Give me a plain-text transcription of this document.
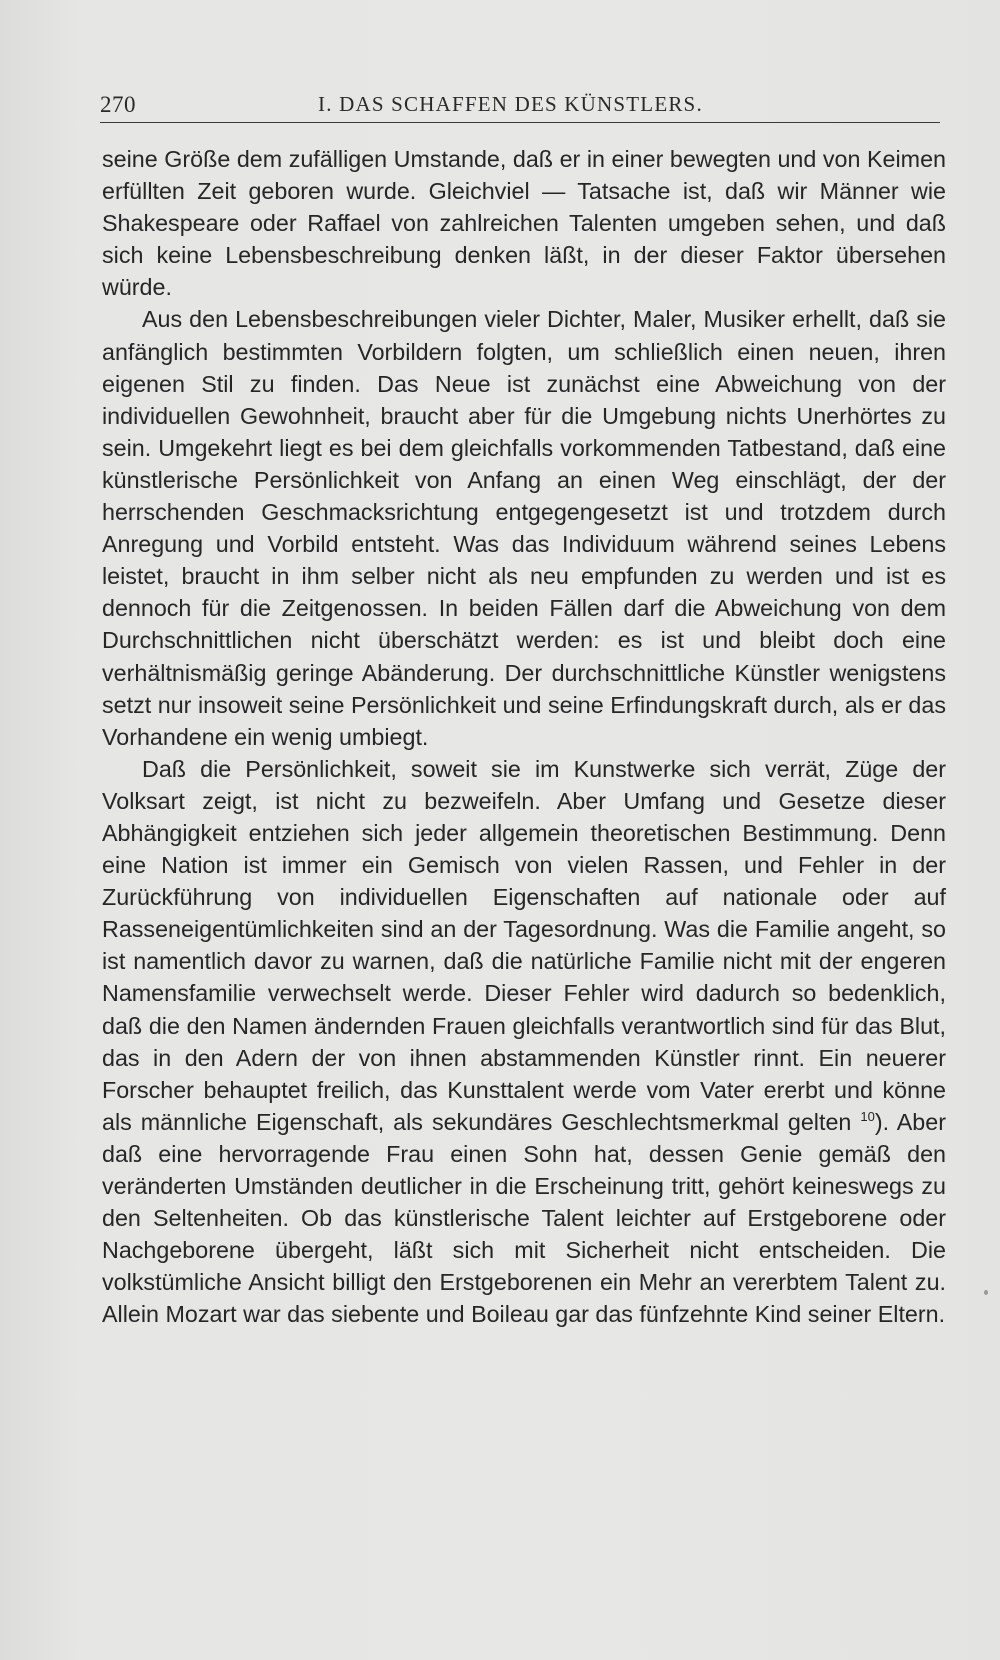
270	I. DAS SCHAFFEN DES KÜNSTLERS.

seine Größe dem zufälligen Umstande, daß er in einer bewegten und von Keimen erfüllten Zeit geboren wurde. Gleichviel — Tatsache ist, daß wir Männer wie Shakespeare oder Raffael von zahlreichen Talenten umgeben sehen, und daß sich keine Lebensbeschreibung denken läßt, in der dieser Faktor übersehen würde.

Aus den Lebensbeschreibungen vieler Dichter, Maler, Musiker erhellt, daß sie anfänglich bestimmten Vorbildern folgten, um schließlich einen neuen, ihren eigenen Stil zu finden. Das Neue ist zunächst eine Abweichung von der individuellen Gewohnheit, braucht aber für die Umgebung nichts Unerhörtes zu sein. Umgekehrt liegt es bei dem gleichfalls vorkommenden Tatbestand, daß eine künstlerische Persönlichkeit von Anfang an einen Weg einschlägt, der der herrschenden Geschmacksrichtung entgegengesetzt ist und trotzdem durch Anregung und Vorbild entsteht. Was das Individuum während seines Lebens leistet, braucht in ihm selber nicht als neu empfunden zu werden und ist es dennoch für die Zeitgenossen. In beiden Fällen darf die Abweichung von dem Durchschnittlichen nicht überschätzt werden: es ist und bleibt doch eine verhältnismäßig geringe Abänderung. Der durchschnittliche Künstler wenigstens setzt nur insoweit seine Persönlichkeit und seine Erfindungskraft durch, als er das Vorhandene ein wenig umbiegt.

Daß die Persönlichkeit, soweit sie im Kunstwerke sich verrät, Züge der Volksart zeigt, ist nicht zu bezweifeln. Aber Umfang und Gesetze dieser Abhängigkeit entziehen sich jeder allgemein theoretischen Bestimmung. Denn eine Nation ist immer ein Gemisch von vielen Rassen, und Fehler in der Zurückführung von individuellen Eigenschaften auf nationale oder auf Rasseneigentümlichkeiten sind an der Tagesordnung. Was die Familie angeht, so ist namentlich davor zu warnen, daß die natürliche Familie nicht mit der engeren Namensfamilie verwechselt werde. Dieser Fehler wird dadurch so bedenklich, daß die den Namen ändernden Frauen gleichfalls verantwortlich sind für das Blut, das in den Adern der von ihnen abstammenden Künstler rinnt. Ein neuerer Forscher behauptet freilich, das Kunsttalent werde vom Vater ererbt und könne als männliche Eigenschaft, als sekundäres Geschlechtsmerkmal gelten $^{10}$). Aber daß eine hervorragende Frau einen Sohn hat, dessen Genie gemäß den veränderten Umständen deutlicher in die Erscheinung tritt, gehört keineswegs zu den Seltenheiten. Ob das künstlerische Talent leichter auf Erstgeborene oder Nachgeborene übergeht, läßt sich mit Sicherheit nicht entscheiden. Die volkstümliche Ansicht billigt den Erstgeborenen ein Mehr an vererbtem Talent zu. Allein Mozart war das siebente und Boileau gar das fünfzehnte Kind seiner Eltern.
